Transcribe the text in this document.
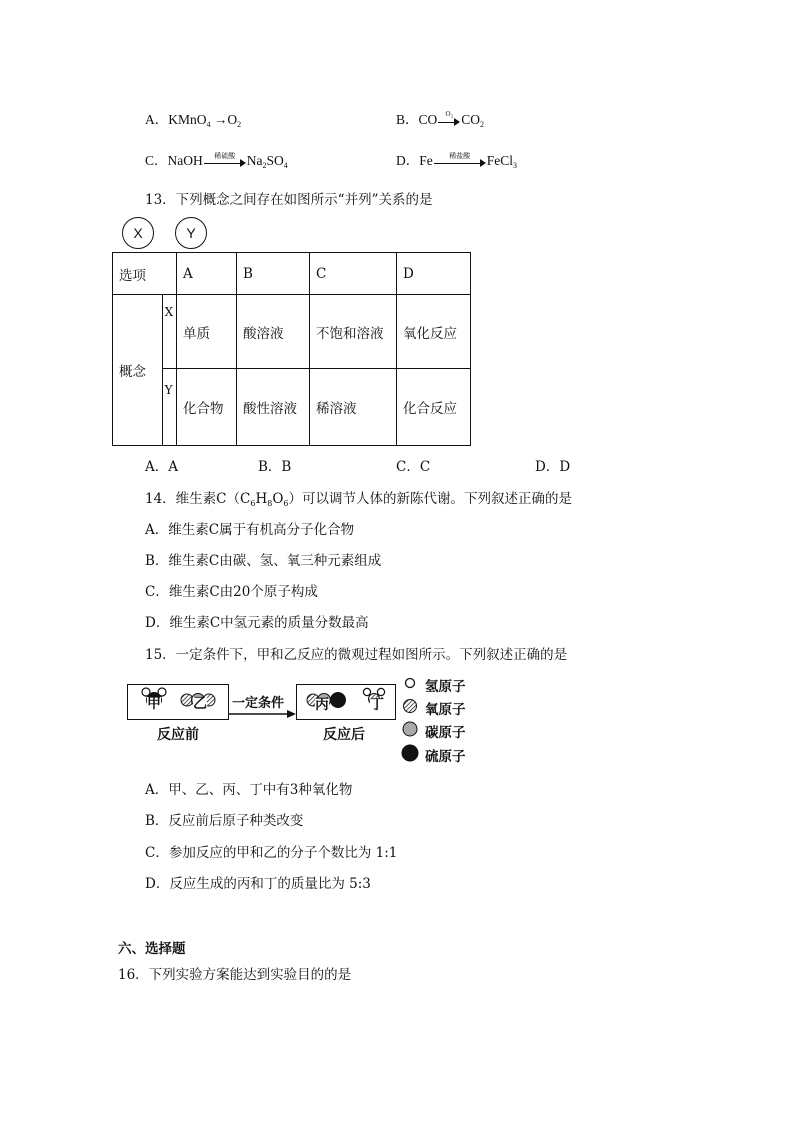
A．KMnO$_4$ $\to O_2$	B．CO	O₂ $CO_2$
C．NaOH	稀硫酸 $Na_2SO_4$	D．Fe	稀盐酸	FeCl$_3$
13．下列概念之间存在如图所示“并列”关系的是
X	Y
选项		A	B	C	D
概念	X	单质	酸溶液	不饱和溶液	氧化反应
	Y	化合物	酸性溶液	稀溶液	化合反应
A．A	B．B	C．C	D．D
14．维生素$C(C_6H_8O_6)$可以调节人体的新陈代谢。下列叙述正确的是
A．维生素C属于有机高分子化合物
B．维生素C由碳、氢、氧三种元素组成
C．维生素C由20个原子构成
D．维生素C中氢元素的质量分数最高
15．一定条件下，甲和乙反应的微观过程如图所示。下列叙述正确的是
甲 乙 一定条件 丙	丁
反应前	反应后
氢原子
氧原子
碳原子
硫原子
A．甲、乙、丙、丁中有3种氧化物
B．反应前后原子种类改变
C．参加反应的甲和乙的分子个数比为 1:1
D．反应生成的丙和丁的质量比为 5:3
六、选择题
16．下列实验方案能达到实验目的的是
